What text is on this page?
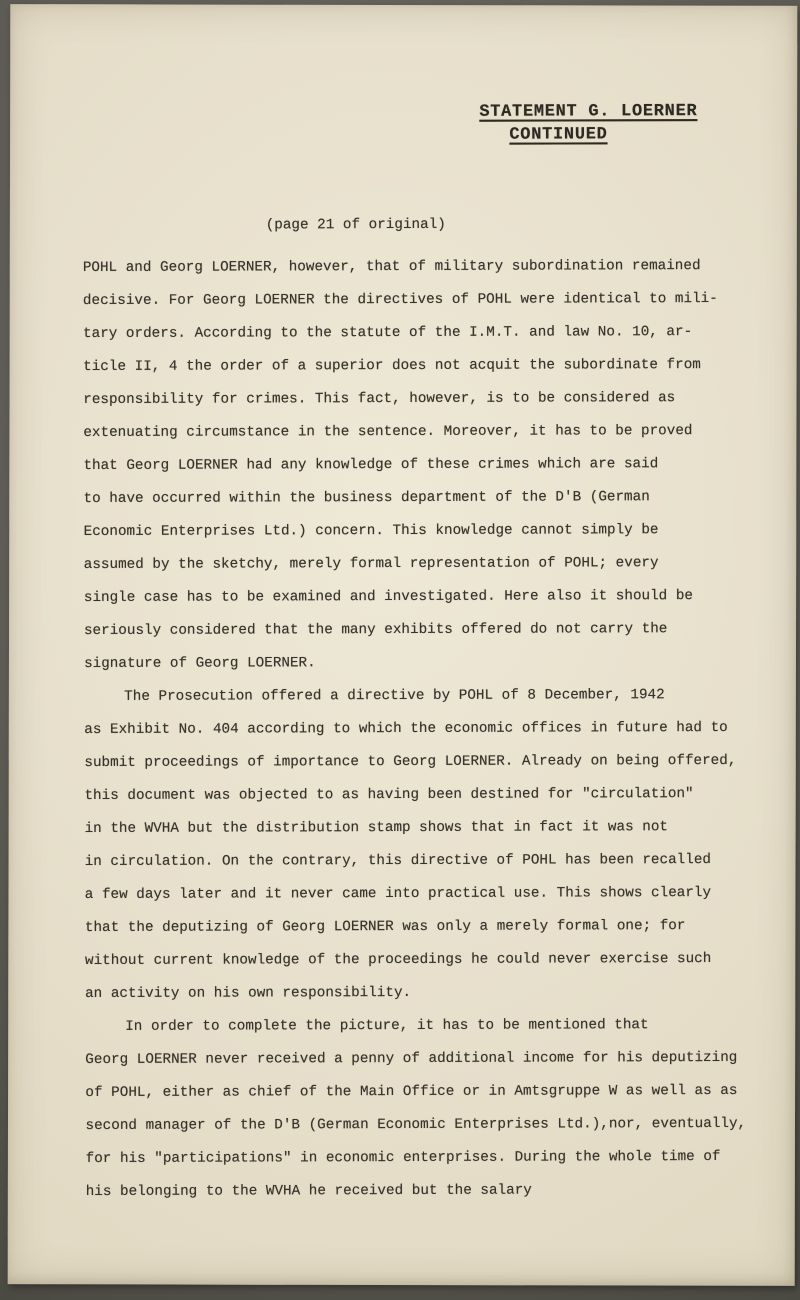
STATEMENT G. LOERNER
CONTINUED
(page 21 of original)
POHL and Georg LOERNER, however, that of military subordination remained
decisive. For Georg LOERNER the directives of POHL were identical to mili-
tary orders. According to the statute of the I.M.T. and law No. 10, ar-
ticle II, 4 the order of a superior does not acquit the subordinate from
responsibility for crimes. This fact, however, is to be considered as
extenuating circumstance in the sentence. Moreover, it has to be proved
that Georg LOERNER had any knowledge of these crimes which are said
to have occurred within the business department of the D'B (German
Economic Enterprises Ltd.) concern. This knowledge cannot simply be
assumed by the sketchy, merely formal representation of POHL; every
single case has to be examined and investigated. Here also it should be
seriously considered that the many exhibits offered do not carry the
signature of Georg LOERNER.
The Prosecution offered a directive by POHL of 8 December, 1942
as Exhibit No. 404 according to which the economic offices in future had to
submit proceedings of importance to Georg LOERNER. Already on being offered,
this document was objected to as having been destined for "circulation"
in the WVHA but the distribution stamp shows that in fact it was not
in circulation. On the contrary, this directive of POHL has been recalled
a few days later and it never came into practical use. This shows clearly
that the deputizing of Georg LOERNER was only a merely formal one; for
without current knowledge of the proceedings he could never exercise such
an activity on his own responsibility.
In order to complete the picture, it has to be mentioned that
Georg LOERNER never received a penny of additional income for his deputizing
of POHL, either as chief of the Main Office or in Amtsgruppe W as well as as
second manager of the D'B (German Economic Enterprises Ltd.),nor, eventually,
for his "participations" in economic enterprises. During the whole time of
his belonging to the WVHA he received but the salary
